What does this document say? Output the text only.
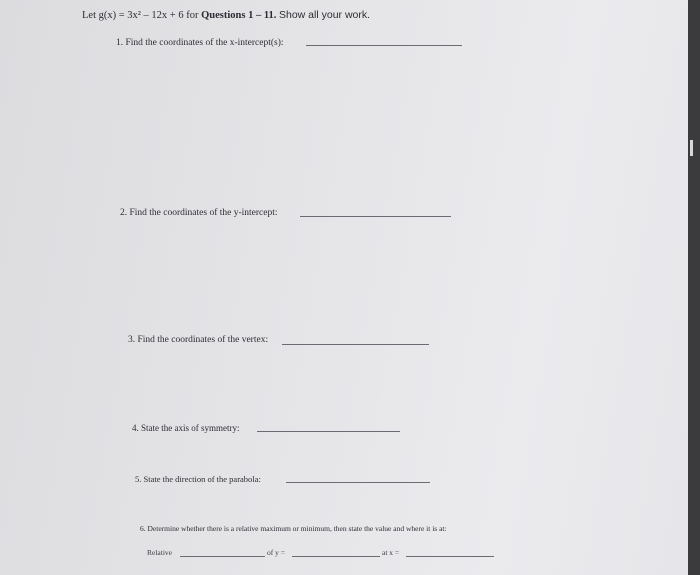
Let g(x) = 3x² – 12x + 6 for Questions 1 – 11. Show all your work.
1. Find the coordinates of the x-intercept(s):
2. Find the coordinates of the y-intercept:
3. Find the coordinates of the vertex:
4. State the axis of symmetry:
5. State the direction of the parabola:
6. Determine whether there is a relative maximum or minimum, then state the value and where it is at:
Relative	of y =	at x =
